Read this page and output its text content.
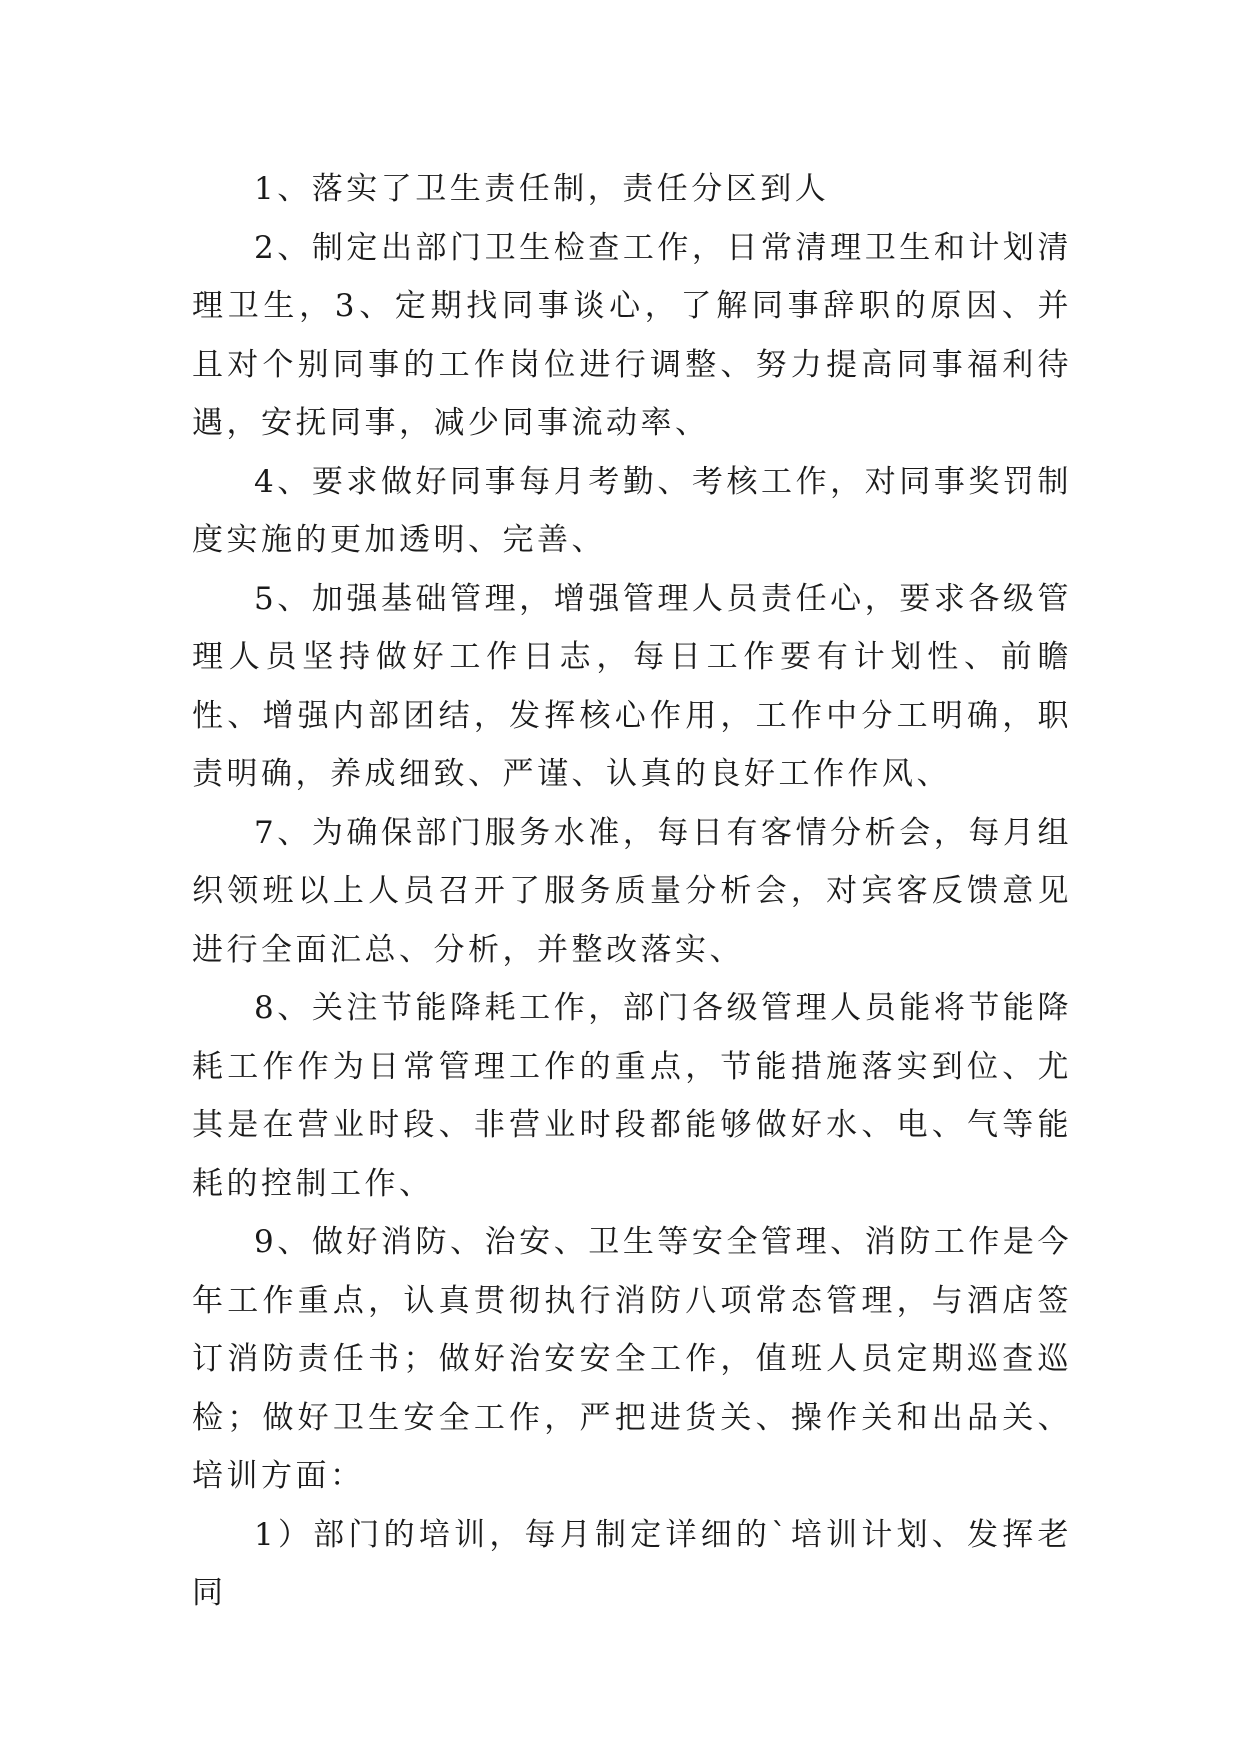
1、落实了卫生责任制，责任分区到人

2、制定出部门卫生检查工作，日常清理卫生和计划清理卫生，3、定期找同事谈心，了解同事辞职的原因、并且对个别同事的工作岗位进行调整、努力提高同事福利待遇，安抚同事，减少同事流动率、

4、要求做好同事每月考勤、考核工作，对同事奖罚制度实施的更加透明、完善、

5、加强基础管理，增强管理人员责任心，要求各级管理人员坚持做好工作日志，每日工作要有计划性、前瞻性、增强内部团结，发挥核心作用，工作中分工明确，职责明确，养成细致、严谨、认真的良好工作作风、

7、为确保部门服务水准，每日有客情分析会，每月组织领班以上人员召开了服务质量分析会，对宾客反馈意见进行全面汇总、分析，并整改落实、

8、关注节能降耗工作，部门各级管理人员能将节能降耗工作作为日常管理工作的重点，节能措施落实到位、尤其是在营业时段、非营业时段都能够做好水、电、气等能耗的控制工作、

9、做好消防、治安、卫生等安全管理、消防工作是今年工作重点，认真贯彻执行消防八项常态管理，与酒店签订消防责任书；做好治安安全工作，值班人员定期巡查巡检；做好卫生安全工作，严把进货关、操作关和出品关、培训方面：

1）部门的培训，每月制定详细的`培训计划、发挥老同
